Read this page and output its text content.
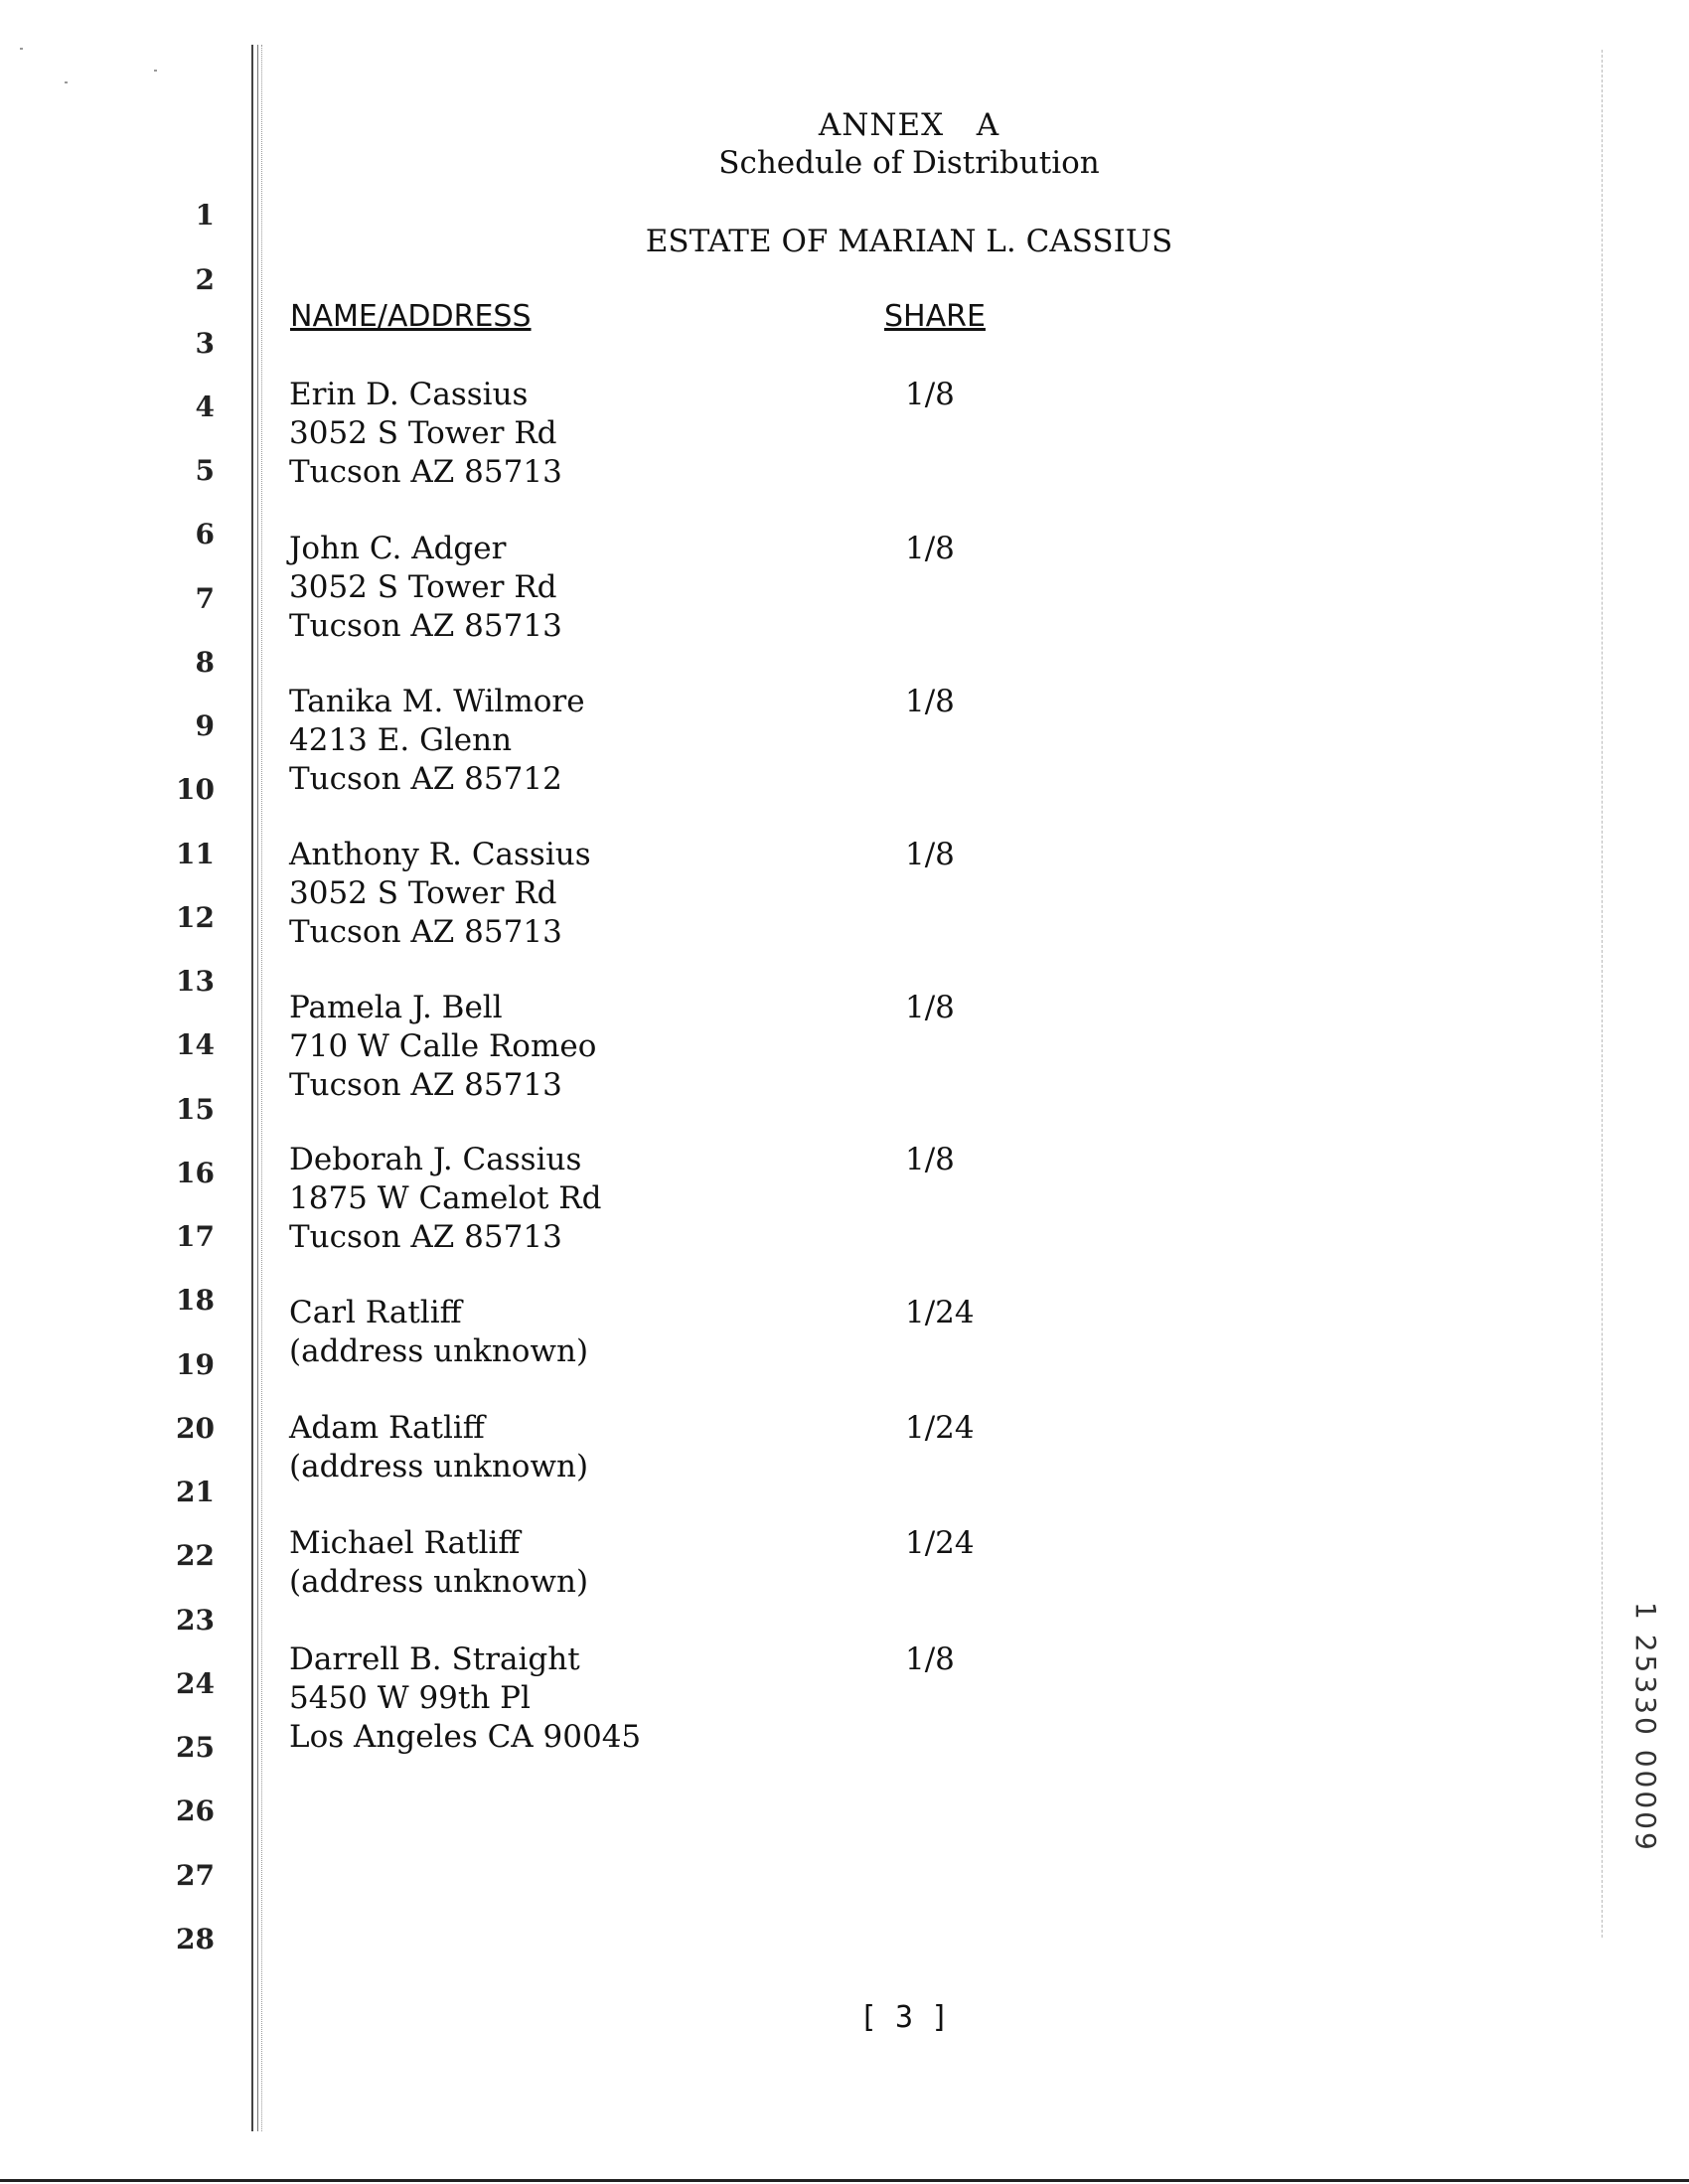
1
2
3
4
5
6
7
8
9
10
11
12
13
14
15
16
17
18
19
20
21
22
23
24
25
26
27
28
ANNEX   A
Schedule of Distribution
ESTATE OF MARIAN L. CASSIUS
NAME/ADDRESS	SHARE
Erin D. Cassius
3052 S Tower Rd
Tucson AZ 85713
1/8
John C. Adger
3052 S Tower Rd
Tucson AZ 85713
1/8
Tanika M. Wilmore
4213 E. Glenn
Tucson AZ 85712
1/8
Anthony R. Cassius
3052 S Tower Rd
Tucson AZ 85713
1/8
Pamela J. Bell
710 W Calle Romeo
Tucson AZ 85713
1/8
Deborah J. Cassius
1875 W Camelot Rd
Tucson AZ 85713
1/8
Carl Ratliff
(address unknown)
1/24
Adam Ratliff
(address unknown)
1/24
Michael Ratliff
(address unknown)
1/24
Darrell B. Straight
5450 W 99th Pl
Los Angeles CA 90045
1/8
[ 3 ]
1 25330 00009
